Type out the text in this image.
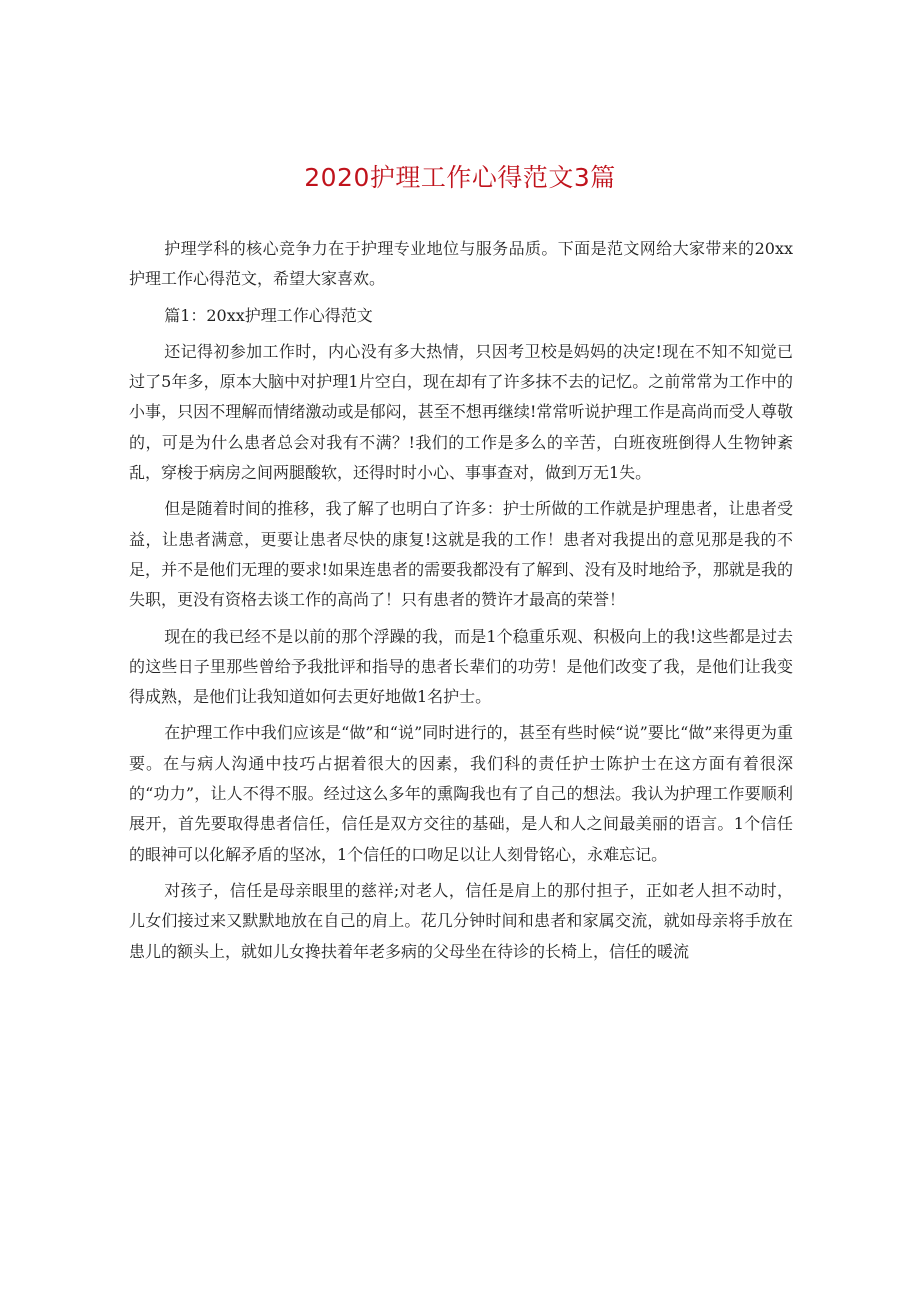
2020护理工作心得范文3篇

护理学科的核心竞争力在于护理专业地位与服务品质。下面是范文网给大家带来的20xx护理工作心得范文，希望大家喜欢。

篇1：20xx护理工作心得范文

还记得初参加工作时，内心没有多大热情，只因考卫校是妈妈的决定!现在不知不知觉已过了5年多，原本大脑中对护理1片空白，现在却有了许多抹不去的记忆。之前常常为工作中的小事，只因不理解而情绪激动或是郁闷，甚至不想再继续!常常听说护理工作是高尚而受人尊敬的，可是为什么患者总会对我有不满？!我们的工作是多么的辛苦，白班夜班倒得人生物钟紊乱，穿梭于病房之间两腿酸软，还得时时小心、事事查对，做到万无1失。

但是随着时间的推移，我了解了也明白了许多：护士所做的工作就是护理患者，让患者受益，让患者满意，更要让患者尽快的康复!这就是我的工作！患者对我提出的意见那是我的不足，并不是他们无理的要求!如果连患者的需要我都没有了解到、没有及时地给予，那就是我的失职，更没有资格去谈工作的高尚了！只有患者的赞许才最高的荣誉！

现在的我已经不是以前的那个浮躁的我，而是1个稳重乐观、积极向上的我!这些都是过去的这些日子里那些曾给予我批评和指导的患者长辈们的功劳！是他们改变了我，是他们让我变得成熟，是他们让我知道如何去更好地做1名护士。

在护理工作中我们应该是“做”和“说”同时进行的，甚至有些时候“说”要比“做”来得更为重要。在与病人沟通中技巧占据着很大的因素，我们科的责任护士陈护士在这方面有着很深的“功力”，让人不得不服。经过这么多年的熏陶我也有了自己的想法。我认为护理工作要顺利展开，首先要取得患者信任，信任是双方交往的基础，是人和人之间最美丽的语言。1个信任的眼神可以化解矛盾的坚冰，1个信任的口吻足以让人刻骨铭心，永难忘记。

对孩子，信任是母亲眼里的慈祥;对老人，信任是肩上的那付担子，正如老人担不动时，儿女们接过来又默默地放在自己的肩上。花几分钟时间和患者和家属交流，就如母亲将手放在患儿的额头上，就如儿女搀扶着年老多病的父母坐在待诊的长椅上，信任的暖流
